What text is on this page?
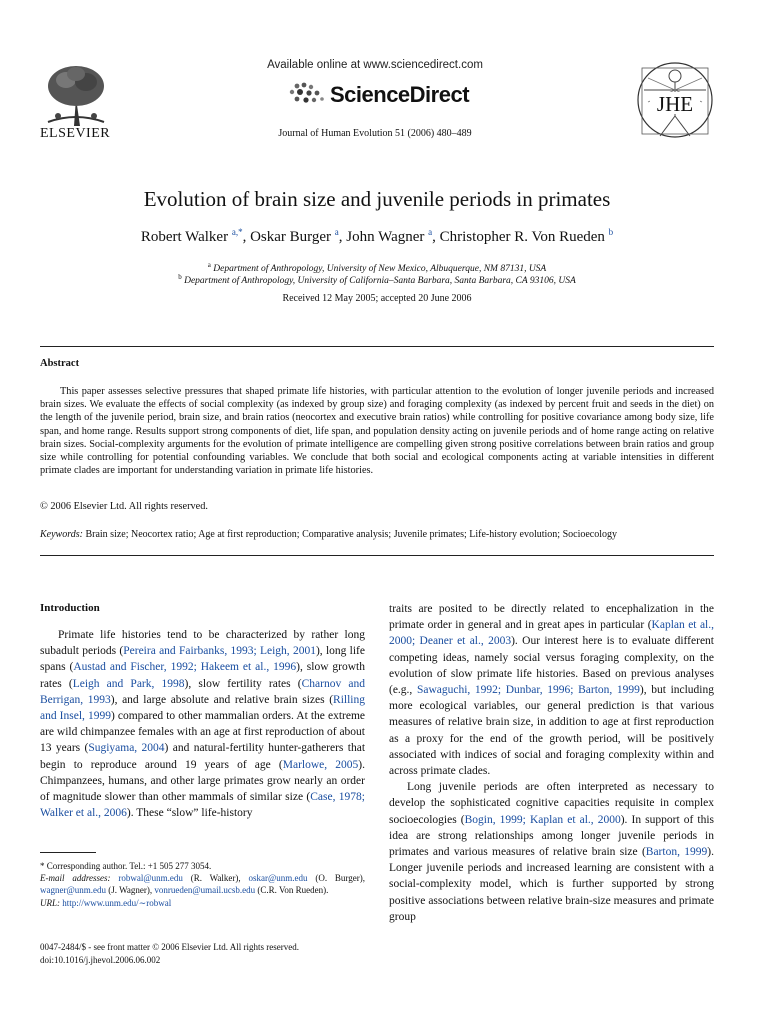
ELSEVIER
Available online at www.sciencedirect.com
ScienceDirect
Journal of Human Evolution 51 (2006) 480–489
JHE
Evolution of brain size and juvenile periods in primates
Robert Walker $^{a,*}$, Oskar Burger $^a$, John Wagner $^a$, Christopher R. Von Rueden $^b$
$^a$ Department of Anthropology, University of New Mexico, Albuquerque, NM 87131, USA
$^b$ Department of Anthropology, University of California–Santa Barbara, Santa Barbara, CA 93106, USA
Received 12 May 2005; accepted 20 June 2006
Abstract
This paper assesses selective pressures that shaped primate life histories, with particular attention to the evolution of longer juvenile periods and increased brain sizes. We evaluate the effects of social complexity (as indexed by group size) and foraging complexity (as indexed by percent fruit and seeds in the diet) on the length of the juvenile period, brain size, and brain ratios (neocortex and executive brain ratios) while controlling for positive covariance among body size, life span, and home range. Results support strong components of diet, life span, and population density acting on juvenile periods and of home range acting on relative brain sizes. Social-complexity arguments for the evolution of primate intelligence are compelling given strong positive correlations between brain ratios and group size while controlling for potential confounding variables. We conclude that both social and ecological components acting at variable intensities in different primate clades are important for understanding variation in primate life histories.
© 2006 Elsevier Ltd. All rights reserved.
Keywords: Brain size; Neocortex ratio; Age at first reproduction; Comparative analysis; Juvenile primates; Life-history evolution; Socioecology
Introduction
Primate life histories tend to be characterized by rather long subadult periods (Pereira and Fairbanks, 1993; Leigh, 2001), long life spans (Austad and Fischer, 1992; Hakeem et al., 1996), slow growth rates (Leigh and Park, 1998), slow fertility rates (Charnov and Berrigan, 1993), and large absolute and relative brain sizes (Rilling and Insel, 1999) compared to other mammalian orders. At the extreme are wild chimpanzee females with an age at first reproduction of about 13 years (Sugiyama, 2004) and natural-fertility hunter-gatherers that begin to reproduce around 19 years of age (Marlowe, 2005). Chimpanzees, humans, and other large primates grow nearly an order of magnitude slower than other mammals of similar size (Case, 1978; Walker et al., 2006). These “slow” life-history
traits are posited to be directly related to encephalization in the primate order in general and in great apes in particular (Kaplan et al., 2000; Deaner et al., 2003). Our interest here is to evaluate different competing ideas, namely social versus foraging complexity, on the evolution of slow primate life histories. Based on previous analyses (e.g., Sawaguchi, 1992; Dunbar, 1996; Barton, 1999), but including more ecological variables, our general prediction is that various measures of relative brain size, in addition to age at first reproduction as a proxy for the end of the growth period, will be positively associated with indices of social and foraging complexity within and across primate clades.
Long juvenile periods are often interpreted as necessary to develop the sophisticated cognitive capacities requisite in complex socioecologies (Bogin, 1999; Kaplan et al., 2000). In support of this idea are strong relationships among longer juvenile periods in primates and various measures of relative brain size (Barton, 1999). Longer juvenile periods and increased learning are consistent with a social-complexity model, which is further supported by strong positive associations between relative brain-size measures and primate group
* Corresponding author. Tel.: +1 505 277 3054.
E-mail addresses: robwal@unm.edu (R. Walker), oskar@unm.edu (O. Burger), wagner@unm.edu (J. Wagner), vonrueden@umail.ucsb.edu (C.R. Von Rueden).
URL: http://www.unm.edu/∼robwal
0047-2484/$ - see front matter © 2006 Elsevier Ltd. All rights reserved.
doi:10.1016/j.jhevol.2006.06.002
